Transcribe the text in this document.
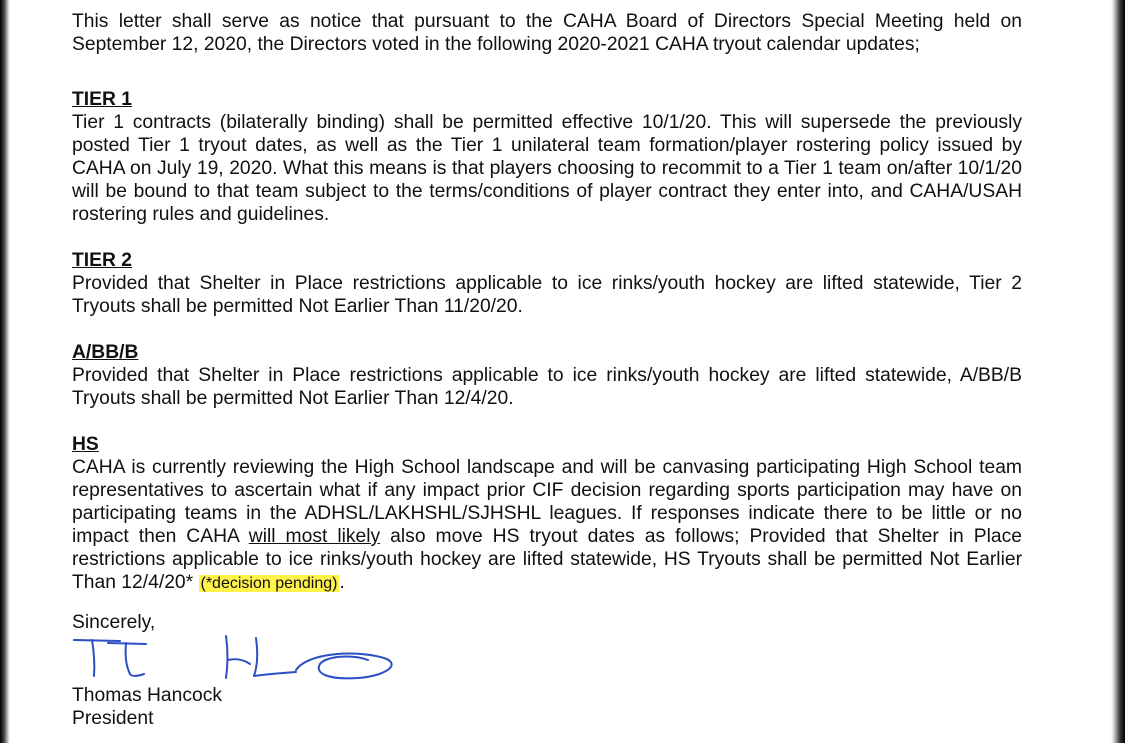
This letter shall serve as notice that pursuant to the CAHA Board of Directors Special Meeting held on September 12, 2020, the Directors voted in the following 2020-2021 CAHA tryout calendar updates;

TIER 1

Tier 1 contracts (bilaterally binding) shall be permitted effective 10/1/20. This will supersede the previously posted Tier 1 tryout dates, as well as the Tier 1 unilateral team formation/player rostering policy issued by CAHA on July 19, 2020. What this means is that players choosing to recommit to a Tier 1 team on/after 10/1/20 will be bound to that team subject to the terms/conditions of player contract they enter into, and CAHA/USAH rostering rules and guidelines.

TIER 2

Provided that Shelter in Place restrictions applicable to ice rinks/youth hockey are lifted statewide, Tier 2 Tryouts shall be permitted Not Earlier Than 11/20/20.

A/BB/B

Provided that Shelter in Place restrictions applicable to ice rinks/youth hockey are lifted statewide, A/BB/B Tryouts shall be permitted Not Earlier Than 12/4/20.

HS

CAHA is currently reviewing the High School landscape and will be canvasing participating High School team representatives to ascertain what if any impact prior CIF decision regarding sports participation may have on participating teams in the ADHSL/LAKHSHL/SJHSHL leagues. If responses indicate there to be little or no impact then CAHA will most likely also move HS tryout dates as follows; Provided that Shelter in Place restrictions applicable to ice rinks/youth hockey are lifted statewide, HS Tryouts shall be permitted Not Earlier Than 12/4/20* (*decision pending) .

Sincerely,
Thomas Hancock
President
